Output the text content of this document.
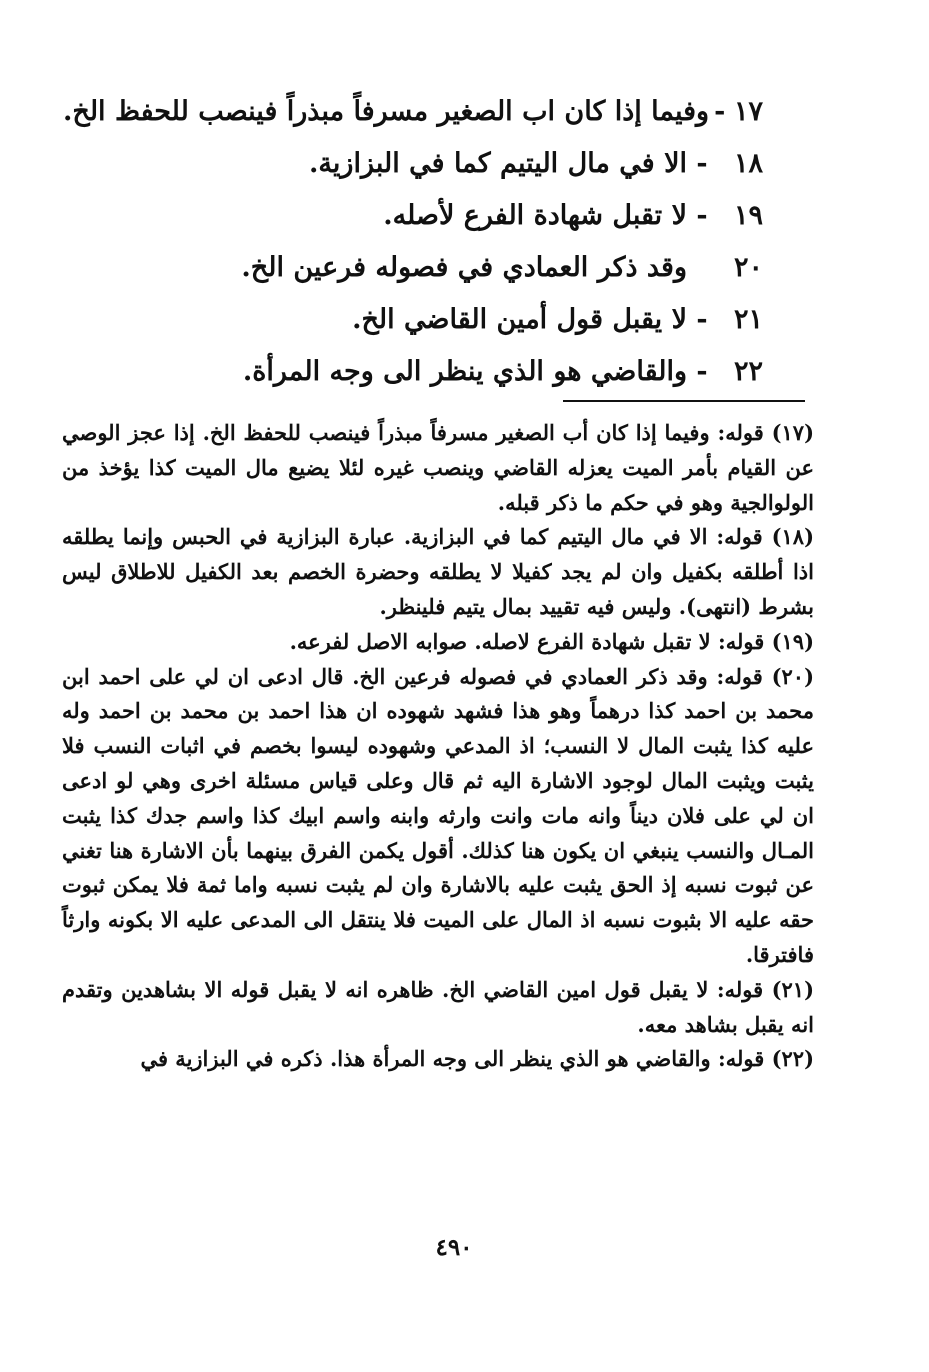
١٧
-
وفيما إذا كان اب الصغير مسرفاً مبذراً فينصب للحفظ الخ.
١٨
-
الا في مال اليتيم كما في البزازية.
١٩
-
لا تقبل شهادة الفرع لأصله.
٢٠
وقد ذكر العمادي في فصوله فرعين الخ.
٢١
-
لا يقبل قول أمين القاضي الخ.
٢٢
-
والقاضي هو الذي ينظر الى وجه المرأة.

(١٧) قوله: وفيما إذا كان أب الصغير مسرفاً مبذراً فينصب للحفظ الخ. إذا عجز الوصي عن القيام بأمر الميت يعزله القاضي وينصب غيره لئلا يضيع مال الميت كذا يؤخذ من الولوالجية وهو في حكم ما ذكر قبله.

(١٨) قوله: الا في مال اليتيم كما في البزازية. عبارة البزازية في الحبس وإنما يطلقه اذا أطلقه بكفيل وان لم يجد كفيلا لا يطلقه وحضرة الخصم بعد الكفيل للاطلاق ليس بشرط (انتهى). وليس فيه تقييد بمال يتيم فلينظر.

(١٩) قوله: لا تقبل شهادة الفرع لاصله. صوابه الاصل لفرعه.

(٢٠) قوله: وقد ذكر العمادي في فصوله فرعين الخ. قال ادعى ان لي على احمد ابن محمد بن احمد كذا درهماً وهو هذا فشهد شهوده ان هذا احمد بن محمد بن احمد وله عليه كذا يثبت المال لا النسب؛ اذ المدعي وشهوده ليسوا بخصم في اثبات النسب فلا يثبت ويثبت المال لوجود الاشارة اليه ثم قال وعلى قياس مسئلة اخرى وهي لو ادعى ان لي على فلان ديناً وانه مات وانت وارثه وابنه واسم ابيك كذا واسم جدك كذا يثبت المـال والنسب ينبغي ان يكون هنا كذلك. أقول يكمن الفرق بينهما بأن الاشارة هنا تغني عن ثبوت نسبه إذ الحق يثبت عليه بالاشارة وان لم يثبت نسبه واما ثمة فلا يمكن ثبوت حقه عليه الا بثبوت نسبه اذ المال على الميت فلا ينتقل الى المدعى عليه الا بكونه وارثاً فافترقا.

(٢١) قوله: لا يقبل قول امين القاضي الخ. ظاهره انه لا يقبل قوله الا بشاهدين وتقدم انه يقبل بشاهد معه.

(٢٢) قوله: والقاضي هو الذي ينظر الى وجه المرأة هذا. ذكره في البزازية في

٤٩٠
